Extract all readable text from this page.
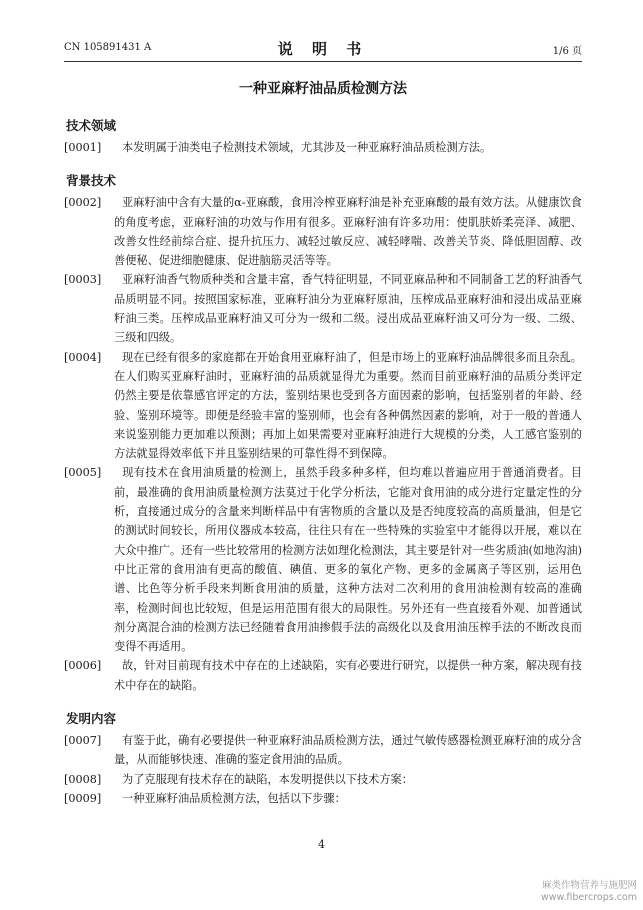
CN 105891431 A	说 明 书	1/6 页
一种亚麻籽油品质检测方法
技术领域
[0001]	本发明属于油类电子检测技术领域，尤其涉及一种亚麻籽油品质检测方法。
背景技术
[0002]	亚麻籽油中含有大量的α-亚麻酸，食用冷榨亚麻籽油是补充亚麻酸的最有效方法。从健康饮食的角度考虑，亚麻籽油的功效与作用有很多。亚麻籽油有许多功用：使肌肤娇柔亮泽、减肥、改善女性经前综合症、提升抗压力、减轻过敏反应、减轻哮喘、改善关节炎、降低胆固醇、改善便秘、促进细胞健康、促进脑筋灵活等等。
[0003]	亚麻籽油香气物质种类和含量丰富，香气特征明显，不同亚麻品种和不同制备工艺的籽油香气品质明显不同。按照国家标准，亚麻籽油分为亚麻籽原油，压榨成品亚麻籽油和浸出成品亚麻籽油三类。压榨成品亚麻籽油又可分为一级和二级。浸出成品亚麻籽油又可分为一级、二级、三级和四级。
[0004]	现在已经有很多的家庭都在开始食用亚麻籽油了，但是市场上的亚麻籽油品牌很多而且杂乱。在人们购买亚麻籽油时，亚麻籽油的品质就显得尤为重要。然而目前亚麻籽油的品质分类评定仍然主要是依靠感官评定的方法，鉴别结果也受到各方面因素的影响，包括鉴别者的年龄、经验、鉴别环境等。即便是经验丰富的鉴别师，也会有各种偶然因素的影响，对于一般的普通人来说鉴别能力更加难以预测；再加上如果需要对亚麻籽油进行大规模的分类，人工感官鉴别的方法就显得效率低下并且鉴别结果的可靠性得不到保障。
[0005]	现有技术在食用油质量的检测上，虽然手段多种多样，但均难以普遍应用于普通消费者。目前，最准确的食用油质量检测方法莫过于化学分析法，它能对食用油的成分进行定量定性的分析，直接通过成分的含量来判断样品中有害物质的含量以及是否纯度较高的高质量油，但是它的测试时间较长，所用仪器成本较高，往往只有在一些特殊的实验室中才能得以开展，难以在大众中推广。还有一些比较常用的检测方法如理化检测法，其主要是针对一些劣质油(如地沟油)中比正常的食用油有更高的酸值、碘值、更多的氧化产物、更多的金属离子等区别，运用色谱、比色等分析手段来判断食用油的质量，这种方法对二次利用的食用油检测有较高的准确率，检测时间也比较短，但是运用范围有很大的局限性。另外还有一些直接看外观、加普通试剂分离混合油的检测方法已经随着食用油掺假手法的高级化以及食用油压榨手法的不断改良而变得不再适用。
[0006]	故，针对目前现有技术中存在的上述缺陷，实有必要进行研究，以提供一种方案，解决现有技术中存在的缺陷。
发明内容
[0007]	有鉴于此，确有必要提供一种亚麻籽油品质检测方法，通过气敏传感器检测亚麻籽油的成分含量，从而能够快速、准确的鉴定食用油的品质。
[0008]	为了克服现有技术存在的缺陷，本发明提供以下技术方案：
[0009]	一种亚麻籽油品质检测方法，包括以下步骤：
4
麻类作物营养与施肥网
www.fibercrops.com
